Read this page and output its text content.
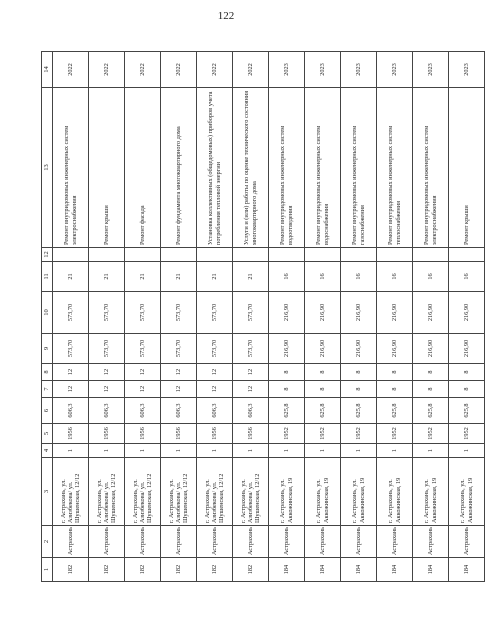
122
1	2	3	4	5	6	7	8	9	10	11	12	13	14
182	Астрахань	г. Астрахань, ул. Азизбекова/ ул. Шушенская, 12/12	1	1956	606,3	12	12	573,70	573,70	21		Ремонт внутридомовых инженерных систем электроснабжения	2022
182	Астрахань	г. Астрахань, ул. Азизбекова/ ул. Шушенская, 12/12	1	1956	606,3	12	12	573,70	573,70	21		Ремонт крыши	2022
182	Астрахань	г. Астрахань, ул. Азизбекова/ ул. Шушенская, 12/12	1	1956	606,3	12	12	573,70	573,70	21		Ремонт фасада	2022
182	Астрахань	г. Астрахань, ул. Азизбекова/ ул. Шушенская, 12/12	1	1956	606,3	12	12	573,70	573,70	21		Ремонт фундамента многоквартирного дома	2022
182	Астрахань	г. Астрахань, ул. Азизбекова/ ул. Шушенская, 12/12	1	1956	606,3	12	12	573,70	573,70	21		Установка коллективных (общедомовых) приборов учета потребления тепловой энергии	2022
182	Астрахань	г. Астрахань, ул. Азизбекова/ ул. Шушенская, 12/12	1	1956	606,3	12	12	573,70	573,70	21		Услуги и (или) работы по оценке технического состояния многоквартирного дома	2022
184	Астрахань	г. Астрахань, ул. Аккожинская, 19	1	1952	625,8	8	8	216,90	216,90	16		Ремонт внутридомовых инженерных систем водоотведения	2023
184	Астрахань	г. Астрахань, ул. Аккожинская, 19	1	1952	625,8	8	8	216,90	216,90	16		Ремонт внутридомовых инженерных систем водоснабжения	2023
184	Астрахань	г. Астрахань, ул. Аккожинская, 19	1	1952	625,8	8	8	216,90	216,90	16		Ремонт внутридомовых инженерных систем газоснабжения	2023
184	Астрахань	г. Астрахань, ул. Аккожинская, 19	1	1952	625,8	8	8	216,90	216,90	16		Ремонт внутридомовых инженерных систем теплоснабжения	2023
184	Астрахань	г. Астрахань, ул. Аккожинская, 19	1	1952	625,8	8	8	216,90	216,90	16		Ремонт внутридомовых инженерных систем электроснабжения	2023
184	Астрахань	г. Астрахань, ул. Аккожинская, 19	1	1952	625,8	8	8	216,90	216,90	16		Ремонт крыши	2023
